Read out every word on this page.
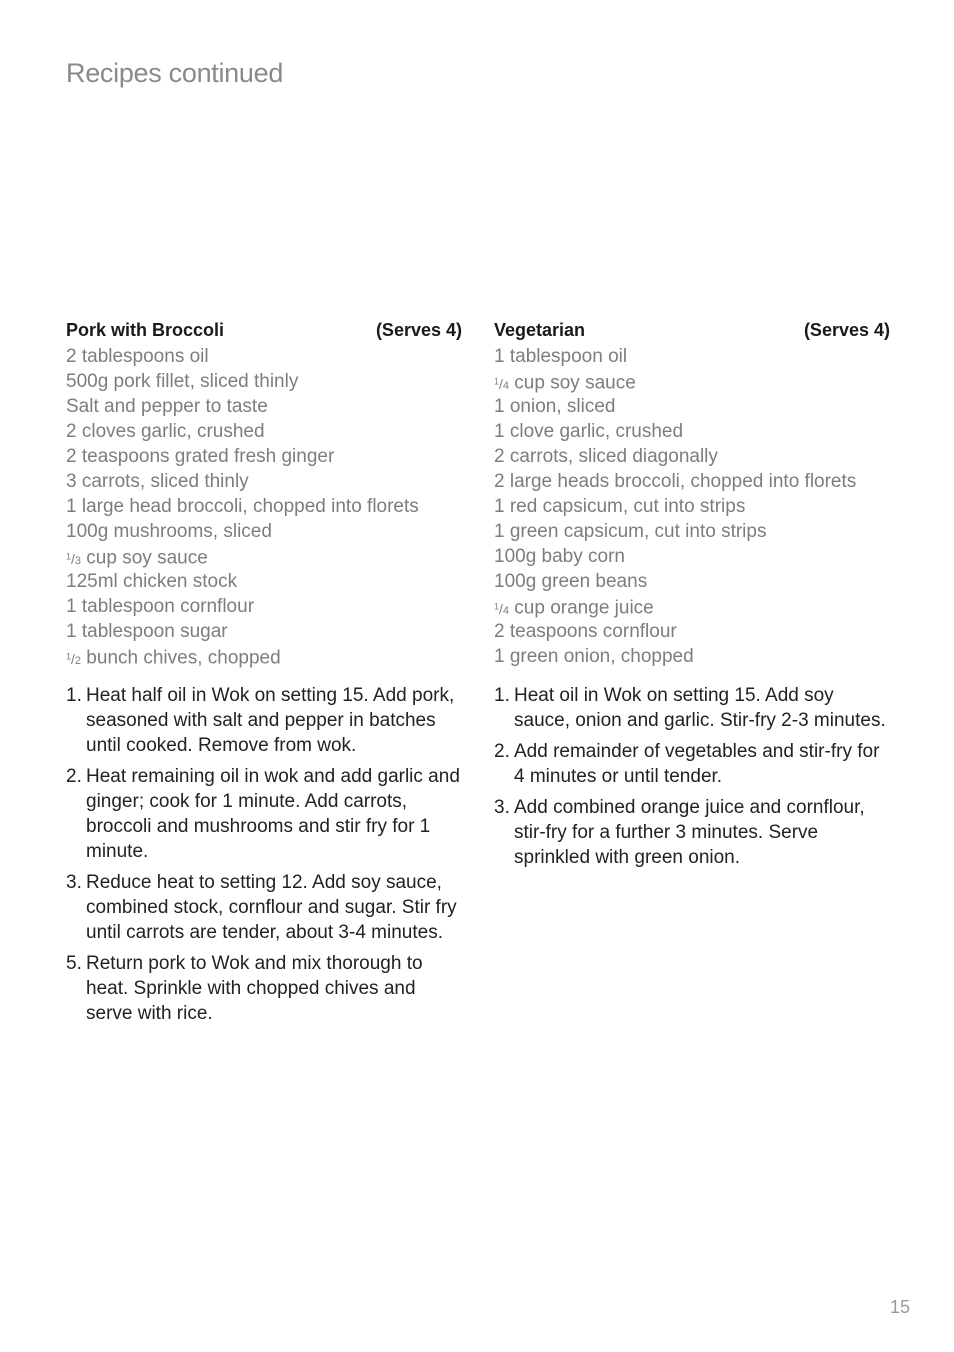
Recipes continued
Pork with Broccoli	(Serves 4)
2 tablespoons oil
500g pork fillet, sliced thinly
Salt and pepper to taste
2 cloves garlic, crushed
2 teaspoons grated fresh ginger
3 carrots, sliced thinly
1 large head broccoli, chopped into florets
100g mushrooms, sliced
$^1$/3 cup soy sauce
125ml chicken stock
1 tablespoon cornflour
1 tablespoon sugar
$^1$/2 bunch chives, chopped
1. Heat half oil in Wok on setting 15. Add pork, seasoned with salt and pepper in batches until cooked. Remove from wok.
2. Heat remaining oil in wok and add garlic and ginger; cook for 1 minute. Add carrots, broccoli and mushrooms and stir fry for 1 minute.
3. Reduce heat to setting 12. Add soy sauce, combined stock, cornflour and sugar. Stir fry until carrots are tender, about 3-4 minutes.
5. Return pork to Wok and mix thorough to heat. Sprinkle with chopped chives and serve with rice.
Vegetarian	(Serves 4)
1 tablespoon oil
$^1$/4 cup soy sauce
1 onion, sliced
1 clove garlic, crushed
2 carrots, sliced diagonally
2 large heads broccoli, chopped into florets
1 red capsicum, cut into strips
1 green capsicum, cut into strips
100g baby corn
100g green beans
$^1$/4 cup orange juice
2 teaspoons cornflour
1 green onion, chopped
1. Heat oil in Wok on setting 15. Add soy sauce, onion and garlic. Stir-fry 2-3 minutes.
2. Add remainder of vegetables and stir-fry for 4 minutes or until tender.
3. Add combined orange juice and cornflour, stir-fry for a further 3 minutes. Serve sprinkled with green onion.
15
